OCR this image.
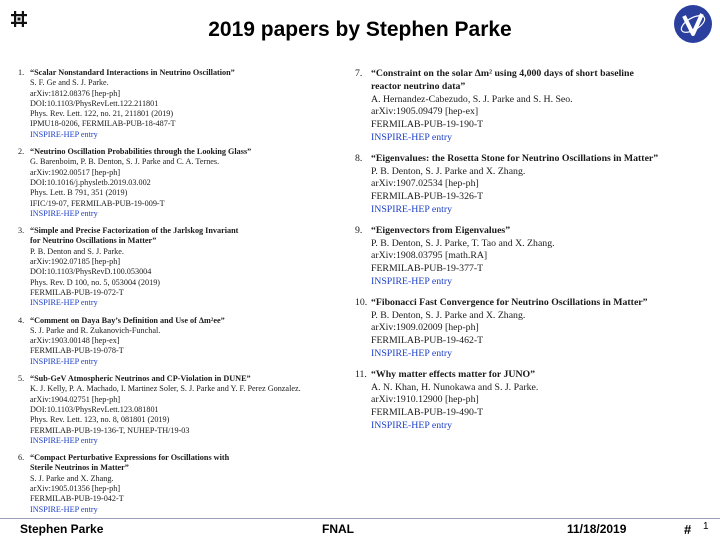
2019 papers by Stephen Parke
1. “Scalar Nonstandard Interactions in Neutrino Oscillation”
S. F. Ge and S. J. Parke.
arXiv:1812.08376 [hep-ph]
DOI:10.1103/PhysRevLett.122.211801
Phys. Rev. Lett. 122, no. 21, 211801 (2019)
IPMU18-0206, FERMILAB-PUB-18-487-T
INSPIRE-HEP entry
2. “Neutrino Oscillation Probabilities through the Looking Glass”
G. Barenboim, P. B. Denton, S. J. Parke and C. A. Ternes.
arXiv:1902.00517 [hep-ph]
DOI:10.1016/j.physletb.2019.03.002
Phys. Lett. B 791, 351 (2019)
IFIC/19-07, FERMILAB-PUB-19-009-T
INSPIRE-HEP entry
3. “Simple and Precise Factorization of the Jarlskog Invariant
for Neutrino Oscillations in Matter”
P. B. Denton and S. J. Parke.
arXiv:1902.07185 [hep-ph]
DOI:10.1103/PhysRevD.100.053004
Phys. Rev. D 100, no. 5, 053004 (2019)
FERMILAB-PUB-19-072-T
INSPIRE-HEP entry
4. “Comment on Daya Bay’s Definition and Use of Δm²ee”
S. J. Parke and R. Zukanovich-Funchal.
arXiv:1903.00148 [hep-ex]
FERMILAB-PUB-19-078-T
INSPIRE-HEP entry
5. “Sub-GeV Atmospheric Neutrinos and CP-Violation in DUNE”
K. J. Kelly, P. A. Machado, I. Martinez Soler, S. J. Parke and Y. F. Perez Gonzalez.
arXiv:1904.02751 [hep-ph]
DOI:10.1103/PhysRevLett.123.081801
Phys. Rev. Lett. 123, no. 8, 081801 (2019)
FERMILAB-PUB-19-136-T, NUHEP-TH/19-03
INSPIRE-HEP entry
6. “Compact Perturbative Expressions for Oscillations with
Sterile Neutrinos in Matter”
S. J. Parke and X. Zhang.
arXiv:1905.01356 [hep-ph]
FERMILAB-PUB-19-042-T
INSPIRE-HEP entry
7. “Constraint on the solar Δm² using 4,000 days of short baseline
reactor neutrino data”
A. Hernandez-Cabezudo, S. J. Parke and S. H. Seo.
arXiv:1905.09479 [hep-ex]
FERMILAB-PUB-19-190-T
INSPIRE-HEP entry
8. “Eigenvalues: the Rosetta Stone for Neutrino Oscillations in Matter”
P. B. Denton, S. J. Parke and X. Zhang.
arXiv:1907.02534 [hep-ph]
FERMILAB-PUB-19-326-T
INSPIRE-HEP entry
9. “Eigenvectors from Eigenvalues”
P. B. Denton, S. J. Parke, T. Tao and X. Zhang.
arXiv:1908.03795 [math.RA]
FERMILAB-PUB-19-377-T
INSPIRE-HEP entry
10. “Fibonacci Fast Convergence for Neutrino Oscillations in Matter”
P. B. Denton, S. J. Parke and X. Zhang.
arXiv:1909.02009 [hep-ph]
FERMILAB-PUB-19-462-T
INSPIRE-HEP entry
11. “Why matter effects matter for JUNO”
A. N. Khan, H. Nunokawa and S. J. Parke.
arXiv:1910.12900 [hep-ph]
FERMILAB-PUB-19-490-T
INSPIRE-HEP entry
Stephen Parke	FNAL	11/18/2019	# 1
